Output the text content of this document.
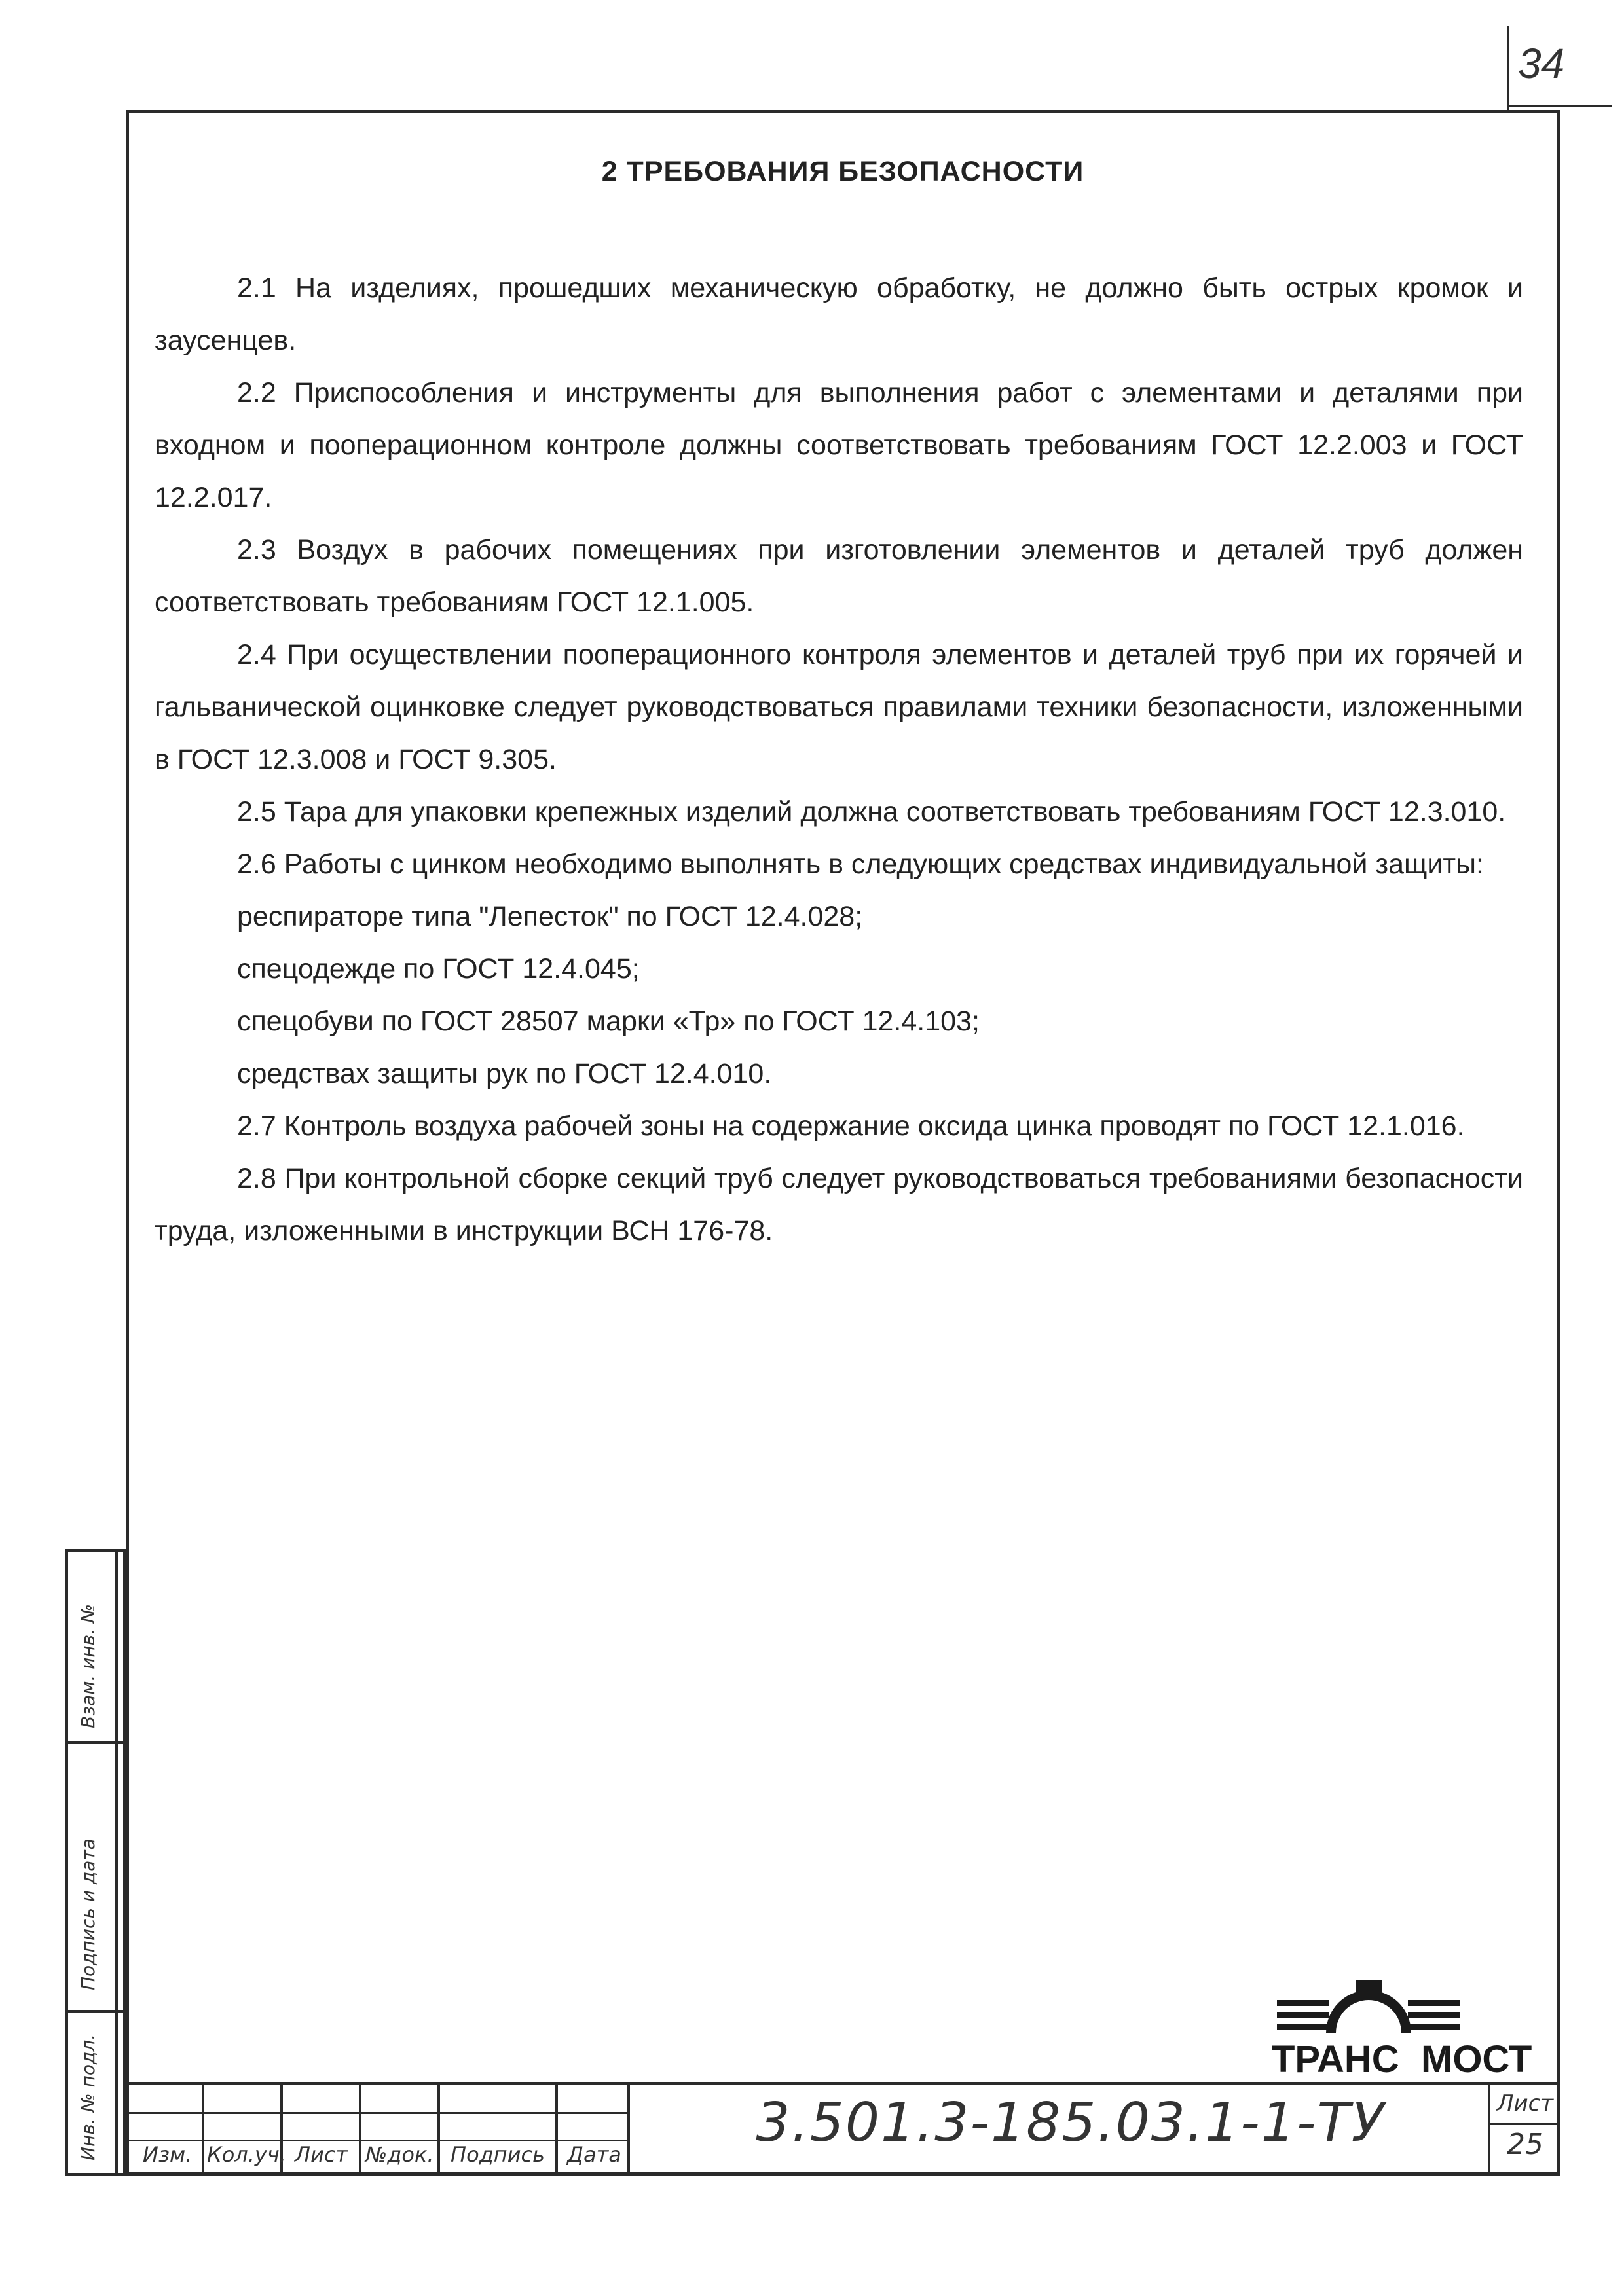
34
2 ТРЕБОВАНИЯ БЕЗОПАСНОСТИ

2.1 На изделиях, прошедших механическую обработку, не должно быть острых кромок и заусенцев.

2.2 Приспособления и инструменты для выполнения работ с элементами и деталями при входном и пооперационном контроле должны соответствовать требованиям ГОСТ 12.2.003 и ГОСТ 12.2.017.

2.3 Воздух в рабочих помещениях при изготовлении элементов и деталей труб должен соответствовать требованиям ГОСТ 12.1.005.

2.4 При осуществлении пооперационного контроля элементов и деталей труб при их горячей и гальванической оцинковке следует руководствоваться правилами техники безопасности, изложенными в ГОСТ 12.3.008 и ГОСТ 9.305.

2.5 Тара для упаковки крепежных изделий должна соответствовать требованиям ГОСТ 12.3.010.

2.6 Работы с цинком необходимо выполнять в следующих средствах индивидуальной защиты:

респираторе типа "Лепесток" по ГОСТ 12.4.028;

спецодежде по ГОСТ 12.4.045;

спецобуви по ГОСТ 28507 марки «Тр» по ГОСТ 12.4.103;

средствах защиты рук по ГОСТ 12.4.010.

2.7 Контроль воздуха рабочей зоны на содержание оксида цинка проводят по ГОСТ 12.1.016.

2.8 При контрольной сборке секций труб следует руководствоваться требованиями безопасности труда, изложенными в инструкции ВСН 176-78.

Взам. инв. №
Подпись и дата
Инв. № подл.	ТРАНС МОСТ
Изм. Кол.уч. Лист №док. Подпись Дата
3.501.3-185.03.1-1-ТУ	Лист
25
